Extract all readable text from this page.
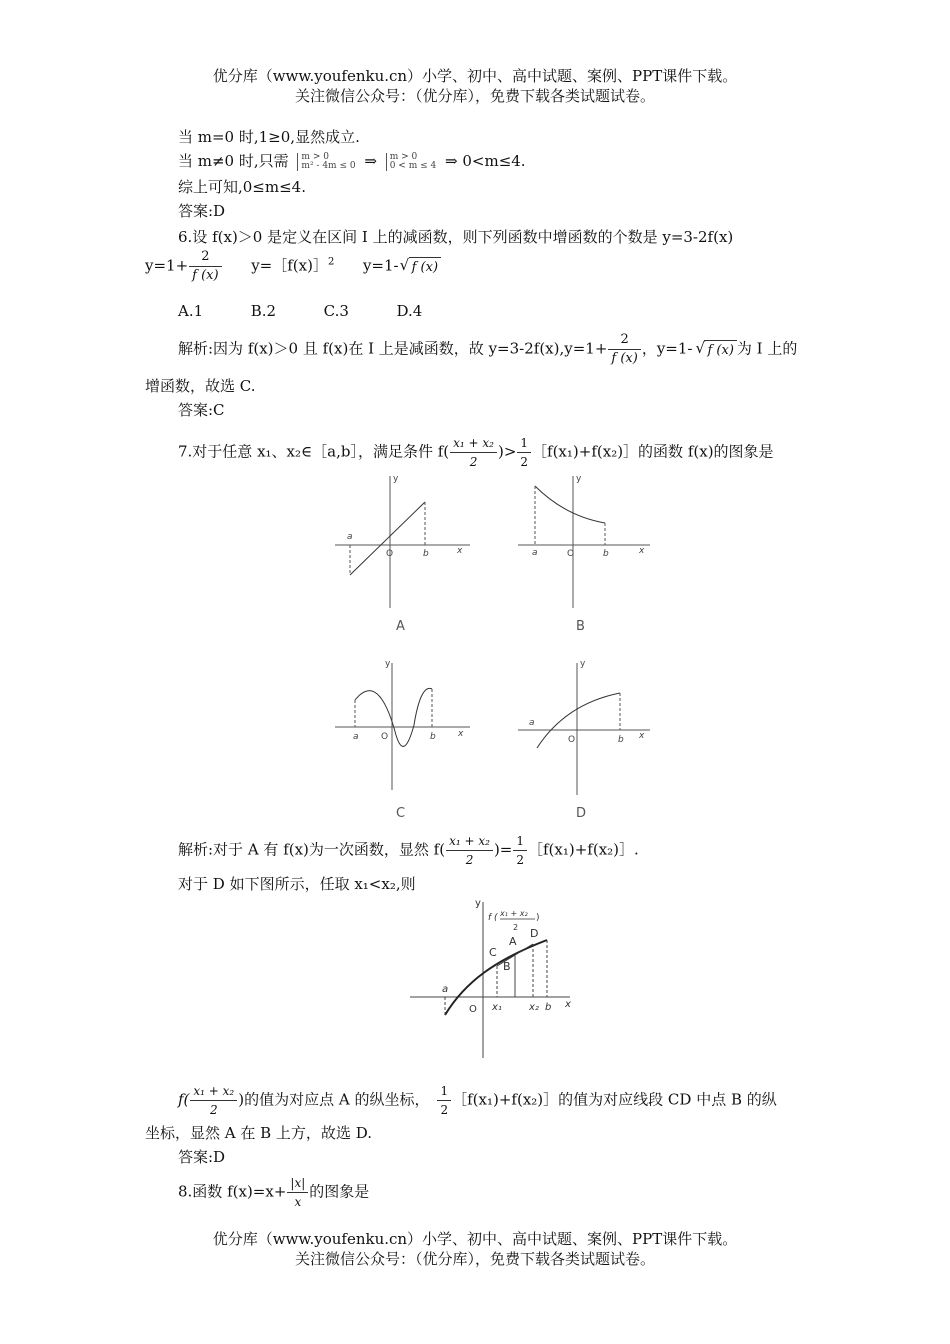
优分库（www.youfenku.cn）小学、初中、高中试题、案例、PPT课件下载。
关注微信公众号：（优分库），免费下载各类试题试卷。
当 m=0 时,1≥0,显然成立.
当 m≠0 时,只需 m > 0
m² - 4m ≤ 0 ⇒ m > 0
0 < m ≤ 4 ⇒ 0<m≤4.
综上可知,0≤m≤4.
答案:D
6.设 f(x)＞0 是定义在区间 I 上的减函数，则下列函数中增函数的个数是 y=3-2f(x)
$y=1+ \frac{2}{f (x)}$ y=［f(x)］$^2$ y=1- √ f (x)
A.1	B.2	C.3	D.4
解析:因为 f(x)＞0 且 f(x)在 I 上是减函数，故 $y=3-2f(x),y=1+ \frac{2}{f (x)}$ ，y=1- √ f (x) 为 I 上的
增函数，故选 C.
答案:C
7.对于任意 x₁、x₂∈［a,b］，满足条件 $f( \frac{\text{x₁ + x₂}}{2}$ )> $\frac{1}{2}$ ［f(x₁)+f(x₂)］的函数 f(x)的图象是
y
x
O
a
b
A
y
x
O
a	b
B
y
x
O
a	b
C
y
x
O
a
b
D
解析:对于 A 有 f(x)为一次函数，显然 $f( \frac{\text{x₁ + x₂}}{2}$ )= $\frac{1}{2}$ ［f(x₁)+f(x₂)］.
对于 D 如下图所示，任取 x₁<x₂,则
y
x
O
a
b
x₁	x₂
C
A
B
D
f ( x₁ + x₂
2
)
$f( \frac{\text{x₁ + x₂}}{2}$ )的值为对应点 A 的纵坐标， $\frac{1}{2}$ ［f(x₁)+f(x₂)］的值为对应线段 CD 中点 B 的纵
坐标，显然 A 在 B 上方，故选 D.
答案:D
8.函数 $f(x)=x+ \frac{|x|}{x}$ 的图象是
优分库（www.youfenku.cn）小学、初中、高中试题、案例、PPT课件下载。
关注微信公众号：（优分库），免费下载各类试题试卷。
